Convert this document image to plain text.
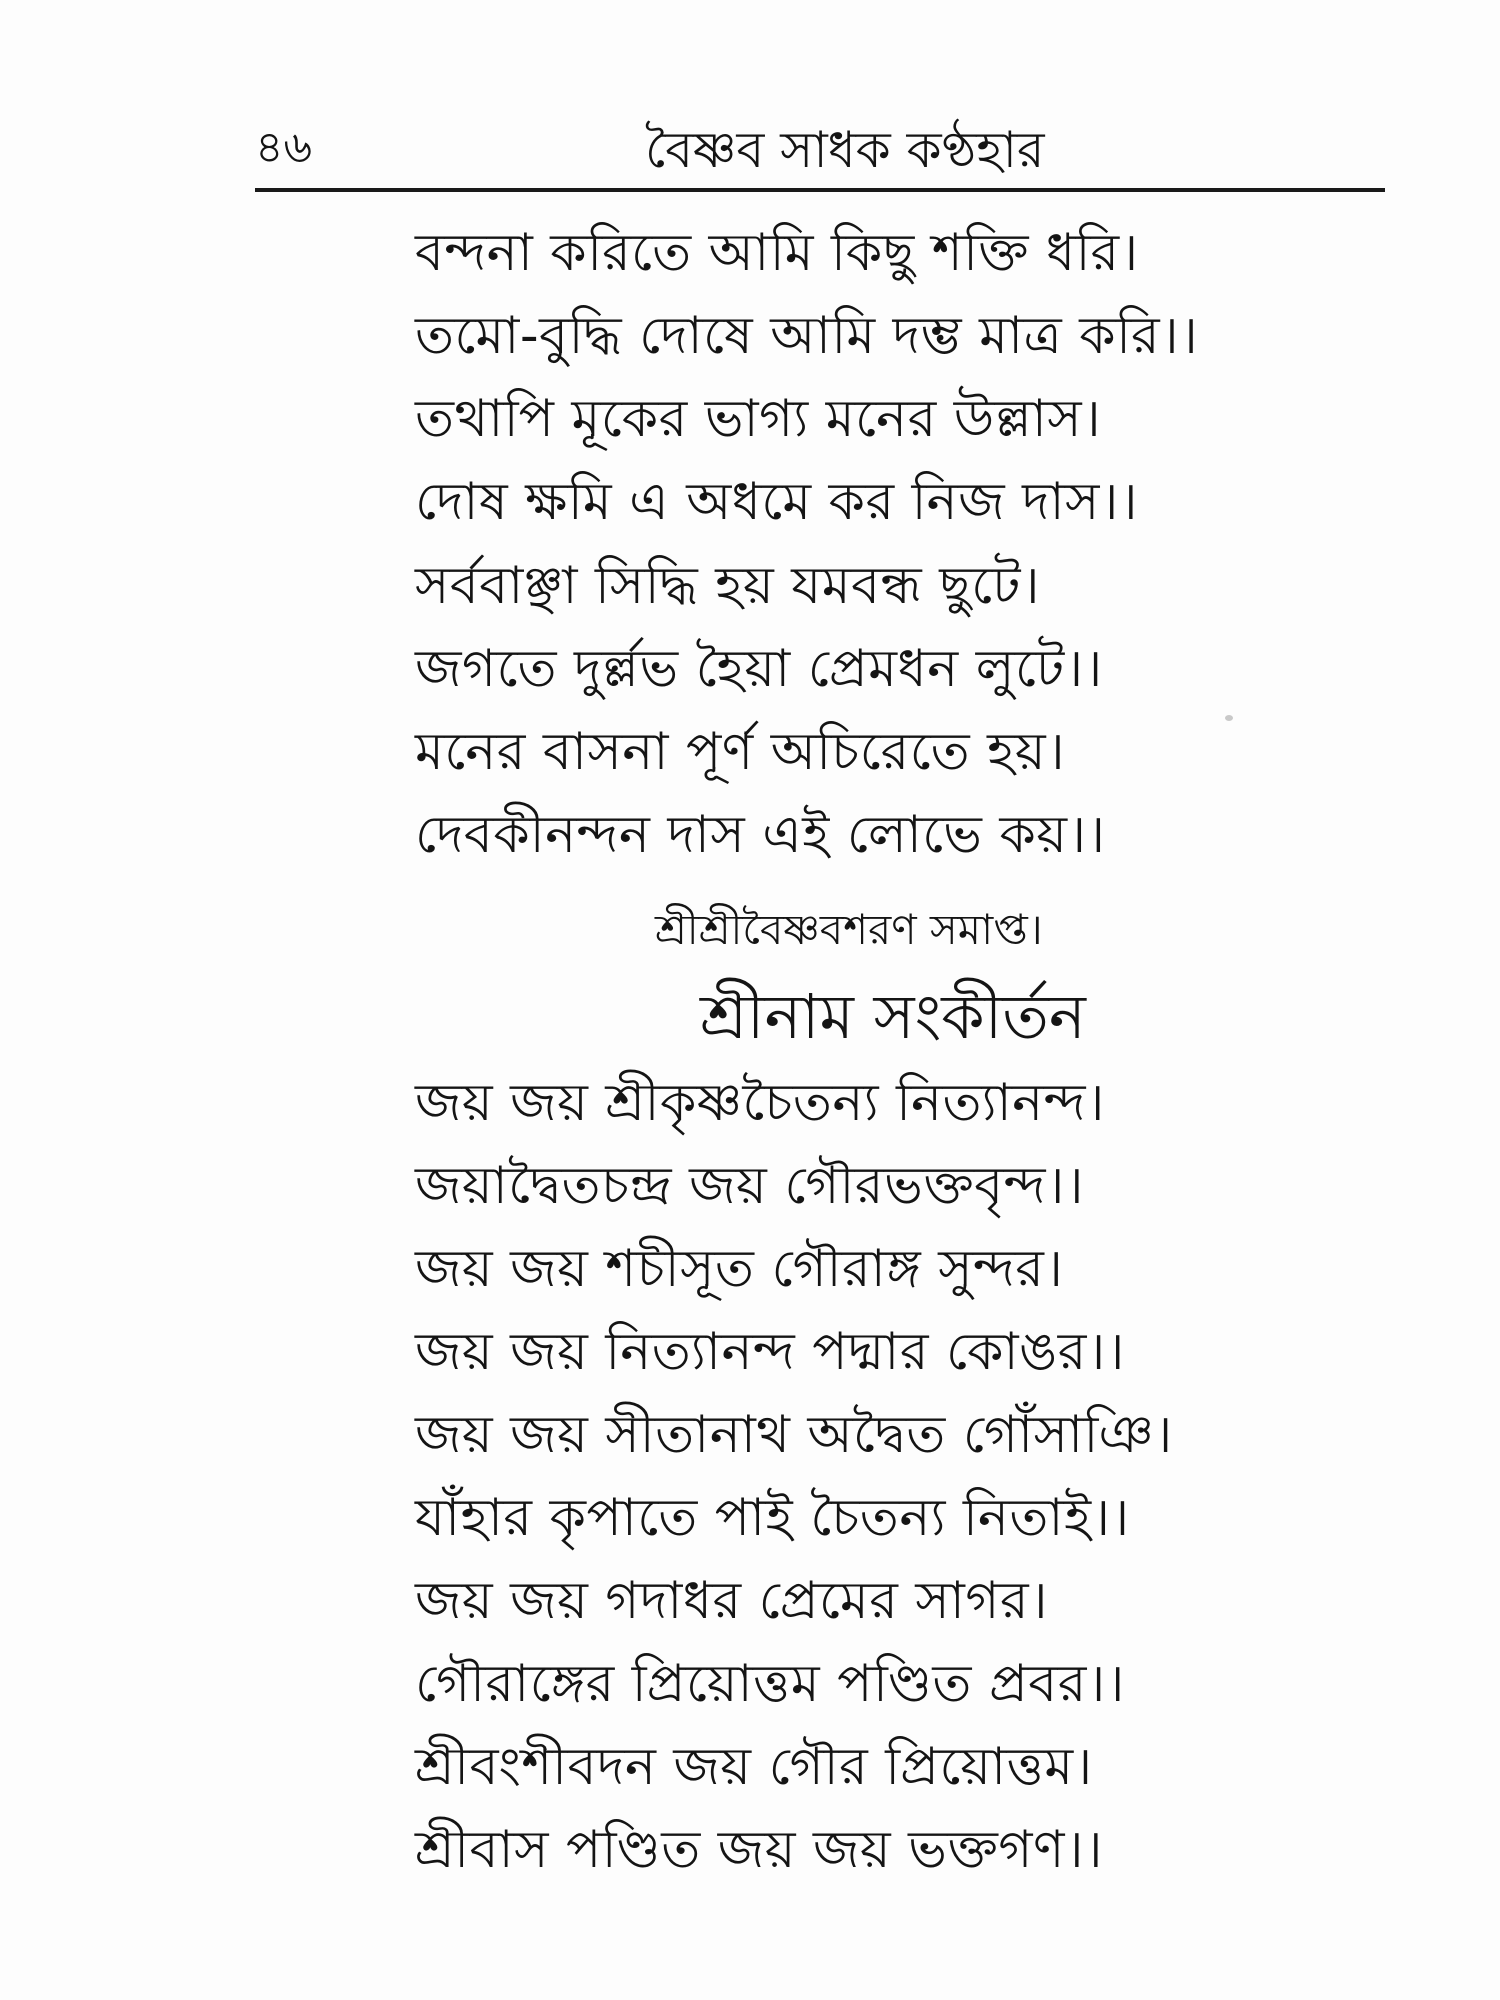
৪৬	বৈষ্ণব সাধক কণ্ঠহার
বন্দনা করিতে আমি কিছু শক্তি ধরি।
তমো-বুদ্ধি দোষে আমি দম্ভ মাত্র করি।।
তথাপি মূকের ভাগ্য মনের উল্লাস।
দোষ ক্ষমি এ অধমে কর নিজ দাস।।
সর্ববাঞ্ছা সিদ্ধি হয় যমবন্ধ ছুটে।
জগতে দুর্ল্লভ হৈয়া প্রেমধন লুটে।।
মনের বাসনা পূর্ণ অচিরেতে হয়।
দেবকীনন্দন দাস এই লোভে কয়।।
শ্রীশ্রীবৈষ্ণবশরণ সমাপ্ত।
শ্রীনাম সংকীর্তন
জয় জয় শ্রীকৃষ্ণচৈতন্য নিত্যানন্দ।
জয়াদ্বৈতচন্দ্র জয় গৌরভক্তবৃন্দ।।
জয় জয় শচীসূত গৌরাঙ্গ সুন্দর।
জয় জয় নিত্যানন্দ পদ্মার কোঙর।।
জয় জয় সীতানাথ অদ্বৈত গোঁসাঞি।
যাঁহার কৃপাতে পাই চৈতন্য নিতাই।।
জয় জয় গদাধর প্রেমের সাগর।
গৌরাঙ্গের প্রিয়োত্তম পণ্ডিত প্রবর।।
শ্রীবংশীবদন জয় গৌর প্রিয়োত্তম।
শ্রীবাস পণ্ডিত জয় জয় ভক্তগণ।।
